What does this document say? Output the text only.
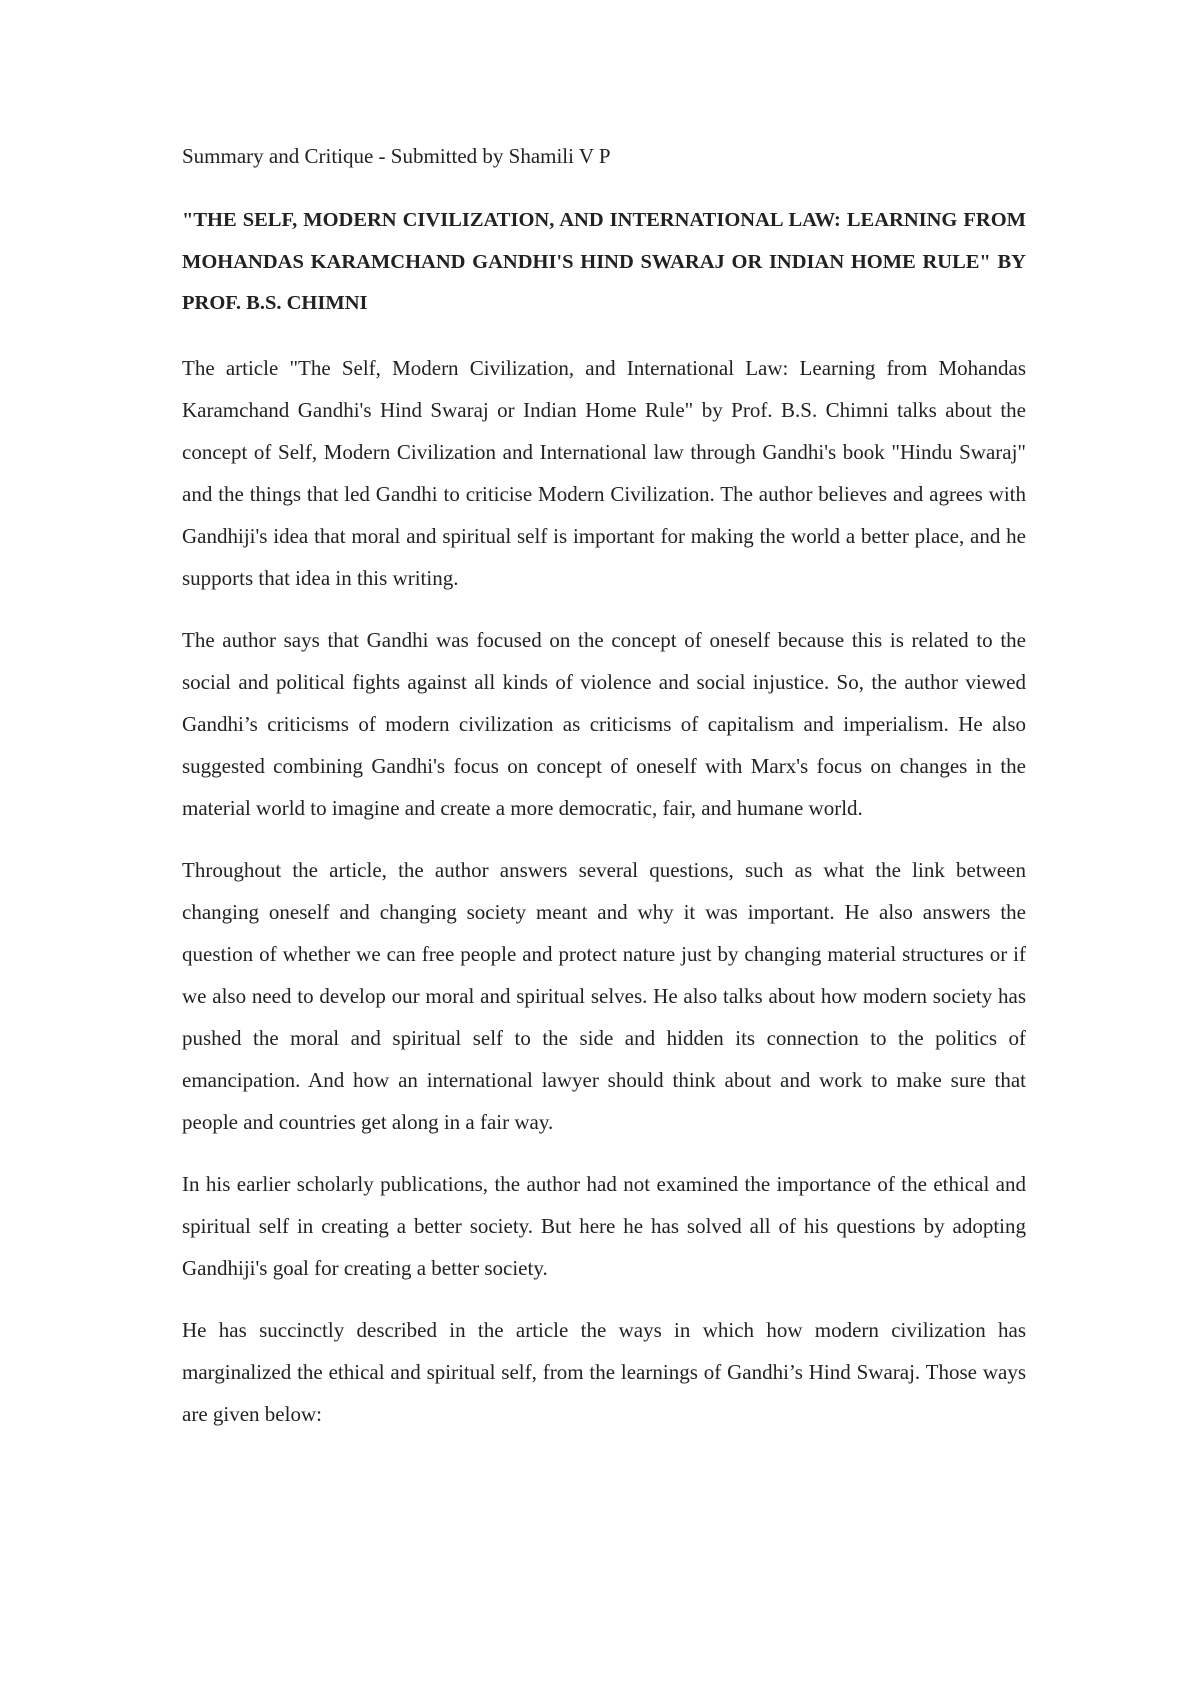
Summary and Critique - Submitted by Shamili V P

"THE SELF, MODERN CIVILIZATION, AND INTERNATIONAL LAW: LEARNING FROM MOHANDAS KARAMCHAND GANDHI'S HIND SWARAJ OR INDIAN HOME RULE" BY PROF. B.S. CHIMNI

The article "The Self, Modern Civilization, and International Law: Learning from Mohandas Karamchand Gandhi's Hind Swaraj or Indian Home Rule" by Prof. B.S. Chimni talks about the concept of Self, Modern Civilization and International law through Gandhi's book "Hindu Swaraj" and the things that led Gandhi to criticise Modern Civilization. The author believes and agrees with Gandhiji's idea that moral and spiritual self is important for making the world a better place, and he supports that idea in this writing.

The author says that Gandhi was focused on the concept of oneself because this is related to the social and political fights against all kinds of violence and social injustice. So, the author viewed Gandhi’s criticisms of modern civilization as criticisms of capitalism and imperialism. He also suggested combining Gandhi's focus on concept of oneself with Marx's focus on changes in the material world to imagine and create a more democratic, fair, and humane world.

Throughout the article, the author answers several questions, such as what the link between changing oneself and changing society meant and why it was important. He also answers the question of whether we can free people and protect nature just by changing material structures or if we also need to develop our moral and spiritual selves. He also talks about how modern society has pushed the moral and spiritual self to the side and hidden its connection to the politics of emancipation. And how an international lawyer should think about and work to make sure that people and countries get along in a fair way.

In his earlier scholarly publications, the author had not examined the importance of the ethical and spiritual self in creating a better society. But here he has solved all of his questions by adopting Gandhiji's goal for creating a better society.

He has succinctly described in the article the ways in which how modern civilization has marginalized the ethical and spiritual self, from the learnings of Gandhi’s Hind Swaraj. Those ways are given below:
